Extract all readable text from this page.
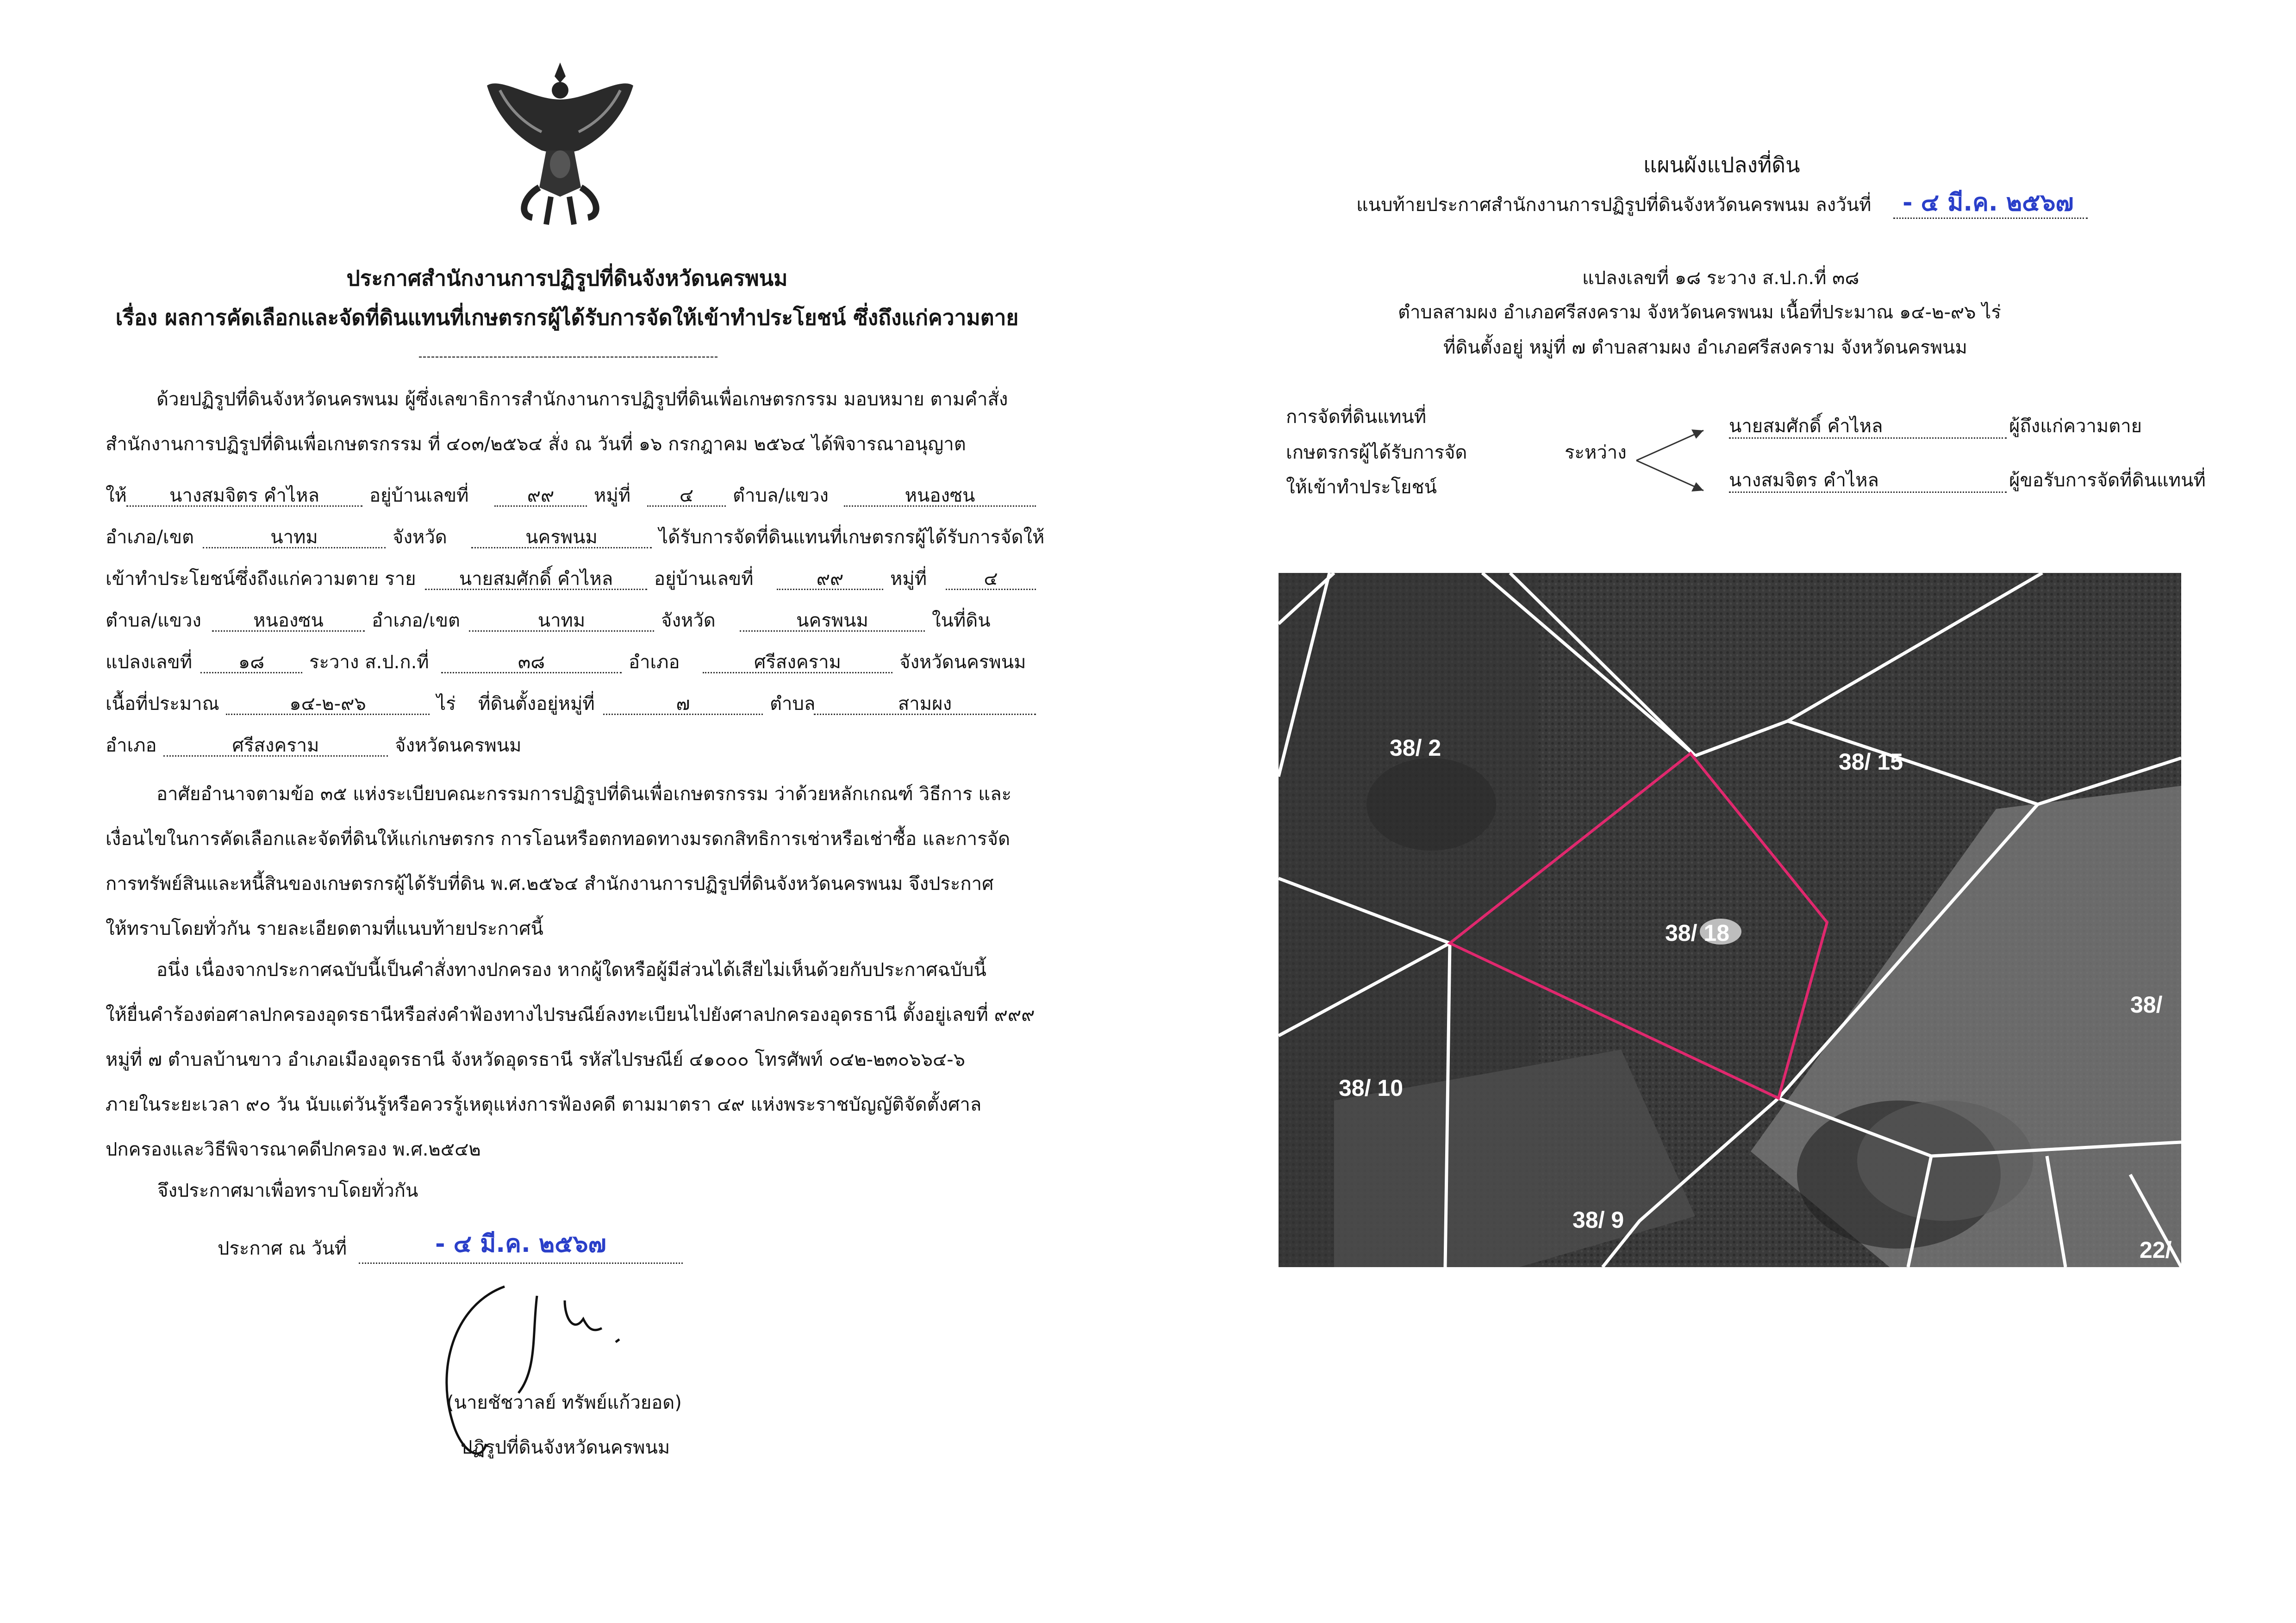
ประกาศสำนักงานการปฏิรูปที่ดินจังหวัดนครพนม
เรื่อง ผลการคัดเลือกและจัดที่ดินแทนที่เกษตรกรผู้ได้รับการจัดให้เข้าทำประโยชน์ ซึ่งถึงแก่ความตาย
ด้วยปฏิรูปที่ดินจังหวัดนครพนม ผู้ซึ่งเลขาธิการสำนักงานการปฏิรูปที่ดินเพื่อเกษตรกรรม มอบหมาย ตามคำสั่ง
สำนักงานการปฏิรูปที่ดินเพื่อเกษตรกรรม ที่ ๔๐๓/๒๕๖๔ สั่ง ณ วันที่ ๑๖ กรกฎาคม ๒๕๖๔ ได้พิจารณาอนุญาต
ให้	นางสมจิตร คำไหล	อยู่บ้านเลขที่	๙๙	หมู่ที่	๔	ตำบล/แขวง	หนองซน
อำเภอ/เขต	นาทม	จังหวัด	นครพนม	ได้รับการจัดที่ดินแทนที่เกษตรกรผู้ได้รับการจัดให้
เข้าทำประโยชน์ซึ่งถึงแก่ความตาย ราย	นายสมศักดิ์ คำไหล	อยู่บ้านเลขที่	๙๙	หมู่ที่	๔
ตำบล/แขวง	หนองซน	อำเภอ/เขต	นาทม	จังหวัด	นครพนม	ในที่ดิน
แปลงเลขที่	๑๘	ระวาง ส.ป.ก.ที่	๓๘	อำเภอ	ศรีสงคราม	จังหวัดนครพนม
เนื้อที่ประมาณ	๑๔-๒-๙๖	ไร่ ที่ดินตั้งอยู่หมู่ที่	๗	ตำบล	สามผง
อำเภอ	ศรีสงคราม	จังหวัดนครพนม
อาศัยอำนาจตามข้อ ๓๕ แห่งระเบียบคณะกรรมการปฏิรูปที่ดินเพื่อเกษตรกรรม ว่าด้วยหลักเกณฑ์ วิธีการ และ
เงื่อนไขในการคัดเลือกและจัดที่ดินให้แก่เกษตรกร การโอนหรือตกทอดทางมรดกสิทธิการเช่าหรือเช่าซื้อ และการจัด
การทรัพย์สินและหนี้สินของเกษตรกรผู้ได้รับที่ดิน พ.ศ.๒๕๖๔ สำนักงานการปฏิรูปที่ดินจังหวัดนครพนม จึงประกาศ
ให้ทราบโดยทั่วกัน รายละเอียดตามที่แนบท้ายประกาศนี้
อนึ่ง เนื่องจากประกาศฉบับนี้เป็นคำสั่งทางปกครอง หากผู้ใดหรือผู้มีส่วนได้เสียไม่เห็นด้วยกับประกาศฉบับนี้
ให้ยื่นคำร้องต่อศาลปกครองอุดรธานีหรือส่งคำฟ้องทางไปรษณีย์ลงทะเบียนไปยังศาลปกครองอุดรธานี ตั้งอยู่เลขที่ ๙๙๙
หมู่ที่ ๗ ตำบลบ้านขาว อำเภอเมืองอุดรธานี จังหวัดอุดรธานี รหัสไปรษณีย์ ๔๑๐๐๐ โทรศัพท์ ๐๔๒-๒๓๐๖๖๔-๖
ภายในระยะเวลา ๙๐ วัน นับแต่วันรู้หรือควรรู้เหตุแห่งการฟ้องคดี ตามมาตรา ๔๙ แห่งพระราชบัญญัติจัดตั้งศาล
ปกครองและวิธีพิจารณาคดีปกครอง พ.ศ.๒๕๔๒
จึงประกาศมาเพื่อทราบโดยทั่วกัน
ประกาศ ณ วันที่	- ๔ มี.ค. ๒๕๖๗
(นายชัชวาลย์ ทรัพย์แก้วยอด)
ปฏิรูปที่ดินจังหวัดนครพนม
แผนผังแปลงที่ดิน
แนบท้ายประกาศสำนักงานการปฏิรูปที่ดินจังหวัดนครพนม ลงวันที่ - ๔ มี.ค. ๒๕๖๗
แปลงเลขที่ ๑๘ ระวาง ส.ป.ก.ที่ ๓๘
ตำบลสามผง อำเภอศรีสงคราม จังหวัดนครพนม เนื้อที่ประมาณ ๑๔-๒-๙๖ ไร่
ที่ดินตั้งอยู่ หมู่ที่ ๗ ตำบลสามผง อำเภอศรีสงคราม จังหวัดนครพนม
การจัดที่ดินแทนที่
เกษตรกรผู้ได้รับการจัด
ให้เข้าทำประโยชน์
ระหว่าง
นายสมศักดิ์ คำไหล	ผู้ถึงแก่ความตาย
นางสมจิตร คำไหล	ผู้ขอรับการจัดที่ดินแทนที่
38/ 2
38/ 15
38/ 18
38/
38/ 10
38/ 9
22/
